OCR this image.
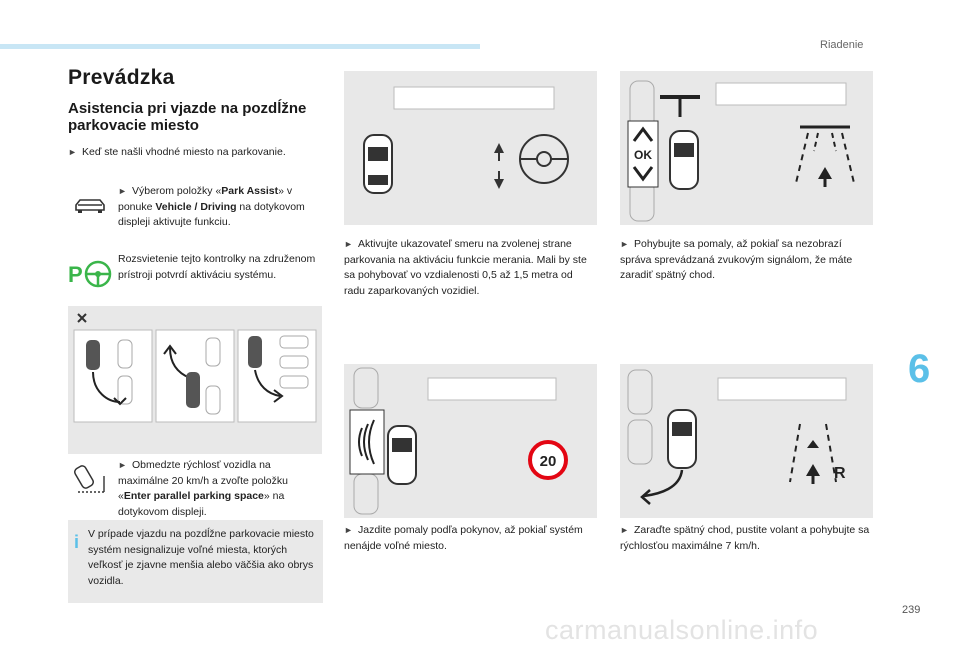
Riadenie
Prevádzka
Asistencia pri vjazde na pozdĺžne parkovacie miesto
► Keď ste našli vhodné miesto na parkovanie.
► Výberom položky «Park Assist» v ponuke Vehicle / Driving na dotykovom displeji aktivujte funkciu.
P
Rozsvietenie tejto kontrolky na združenom prístroji potvrdí aktiváciu systému.
► Obmedzte rýchlosť vozidla na maximálne 20 km/h a zvoľte položku «Enter parallel parking space» na dotykovom displeji.
i V prípade vjazdu na pozdĺžne parkovacie miesto systém nesignalizuje voľné miesta, ktorých veľkosť je zjavne menšia alebo väčšia ako obrys vozidla.
► Aktivujte ukazovateľ smeru na zvolenej strane parkovania na aktiváciu funkcie merania. Mali by ste sa pohybovať vo vzdialenosti 0,5 až 1,5 metra od radu zaparkovaných vozidiel.
OK
► Pohybujte sa pomaly, až pokiaľ sa nezobrazí správa sprevádzaná zvukovým signálom, že máte zaradiť spätný chod.
20
► Jazdite pomaly podľa pokynov, až pokiaľ systém nenájde voľné miesto.
R
► Zaraďte spätný chod, pustite volant a pohybujte sa rýchlosťou maximálne 7 km/h.
6
239
carmanualsonline.info
